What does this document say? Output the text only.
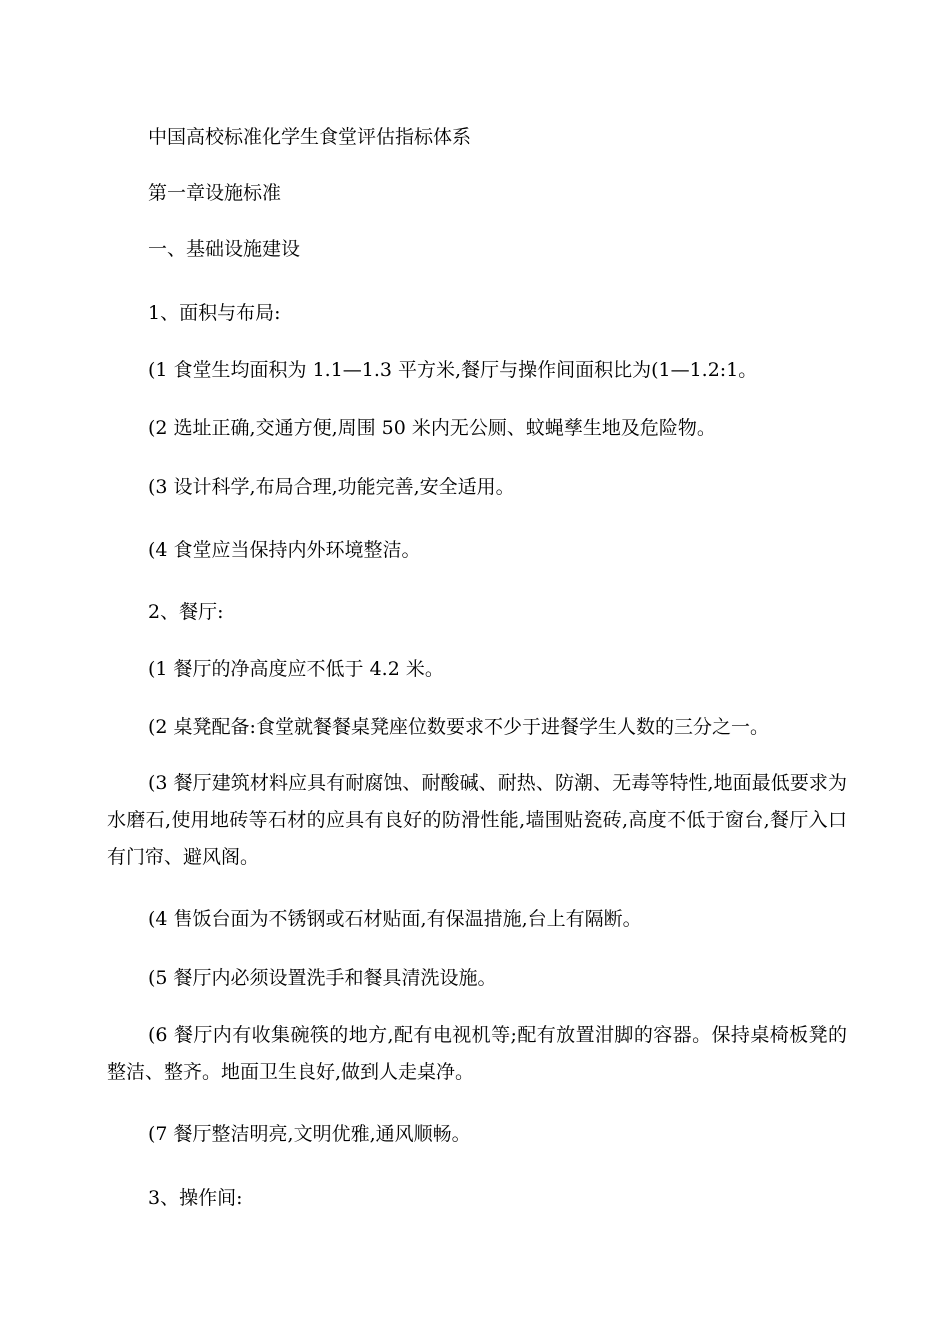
中国高校标准化学生食堂评估指标体系

第一章设施标准

一、基础设施建设

1、面积与布局:

(1 食堂生均面积为 1.1—1.3 平方米,餐厅与操作间面积比为(1—1.2:1。

(2 选址正确,交通方便,周围 50 米内无公厕、蚊蝇孳生地及危险物。

(3 设计科学,布局合理,功能完善,安全适用。

(4 食堂应当保持内外环境整洁。

2、餐厅:

(1 餐厅的净高度应不低于 4.2 米。

(2 桌凳配备:食堂就餐餐桌凳座位数要求不少于进餐学生人数的三分之一。

(3 餐厅建筑材料应具有耐腐蚀、耐酸碱、耐热、防潮、无毒等特性,地面最低要求为水磨石,使用地砖等石材的应具有良好的防滑性能,墙围贴瓷砖,高度不低于窗台,餐厅入口有门帘、避风阁。

(4 售饭台面为不锈钢或石材贴面,有保温措施,台上有隔断。

(5 餐厅内必须设置洗手和餐具清洗设施。

(6 餐厅内有收集碗筷的地方,配有电视机等;配有放置泔脚的容器。保持桌椅板凳的整洁、整齐。地面卫生良好,做到人走桌净。

(7 餐厅整洁明亮,文明优雅,通风顺畅。

3、操作间:
